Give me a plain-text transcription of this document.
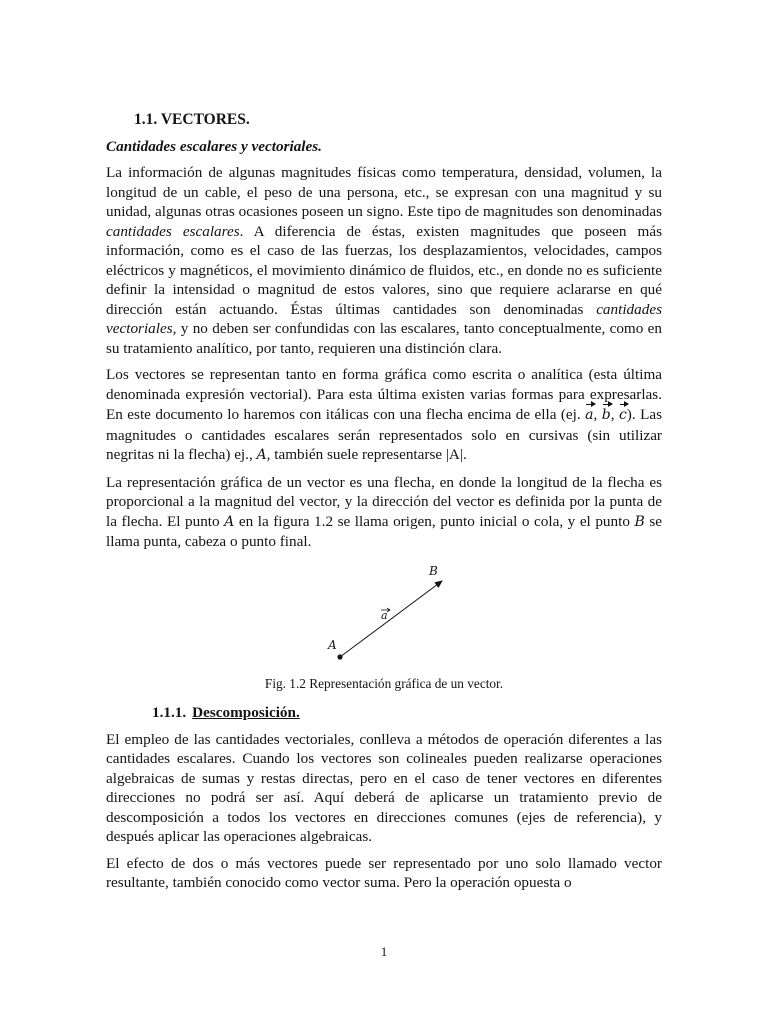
1.1. VECTORES.
Cantidades escalares y vectoriales.

La información de algunas magnitudes físicas como temperatura, densidad, volumen, la longitud de un cable, el peso de una persona, etc., se expresan con una magnitud y su unidad, algunas otras ocasiones poseen un signo. Este tipo de magnitudes son denominadas cantidades escalares. A diferencia de éstas, existen magnitudes que poseen más información, como es el caso de las fuerzas, los desplazamientos, velocidades, campos eléctricos y magnéticos, el movimiento dinámico de fluidos, etc., en donde no es suficiente definir la intensidad o magnitud de estos valores, sino que requiere aclararse en qué dirección están actuando. Éstas últimas cantidades son denominadas cantidades vectoriales, y no deben ser confundidas con las escalares, tanto conceptualmente, como en su tratamiento analítico, por tanto, requieren una distinción clara.

Los vectores se representan tanto en forma gráfica como escrita o analítica (esta última denominada expresión vectorial). Para esta última existen varias formas para expresarlas. En este documento lo haremos con itálicas con una flecha encima de ella (ej. a, b, c). Las magnitudes o cantidades escalares serán representados solo en cursivas (sin utilizar negritas ni la flecha) ej., A, también suele representarse |A|.

La representación gráfica de un vector es una flecha, en donde la longitud de la flecha es proporcional a la magnitud del vector, y la dirección del vector es definida por la punta de la flecha. El punto A en la figura 1.2 se llama origen, punto inicial o cola, y el punto B se llama punta, cabeza o punto final.

A
B
a
Fig. 1.2 Representación gráfica de un vector.
1.1.1. Descomposición.

El empleo de las cantidades vectoriales, conlleva a métodos de operación diferentes a las cantidades escalares. Cuando los vectores son colineales pueden realizarse operaciones algebraicas de sumas y restas directas, pero en el caso de tener vectores en diferentes direcciones no podrá ser así. Aquí deberá de aplicarse un tratamiento previo de descomposición a todos los vectores en direcciones comunes (ejes de referencia), y después aplicar las operaciones algebraicas.

El efecto de dos o más vectores puede ser representado por uno solo llamado vector resultante, también conocido como vector suma. Pero la operación opuesta o

1
